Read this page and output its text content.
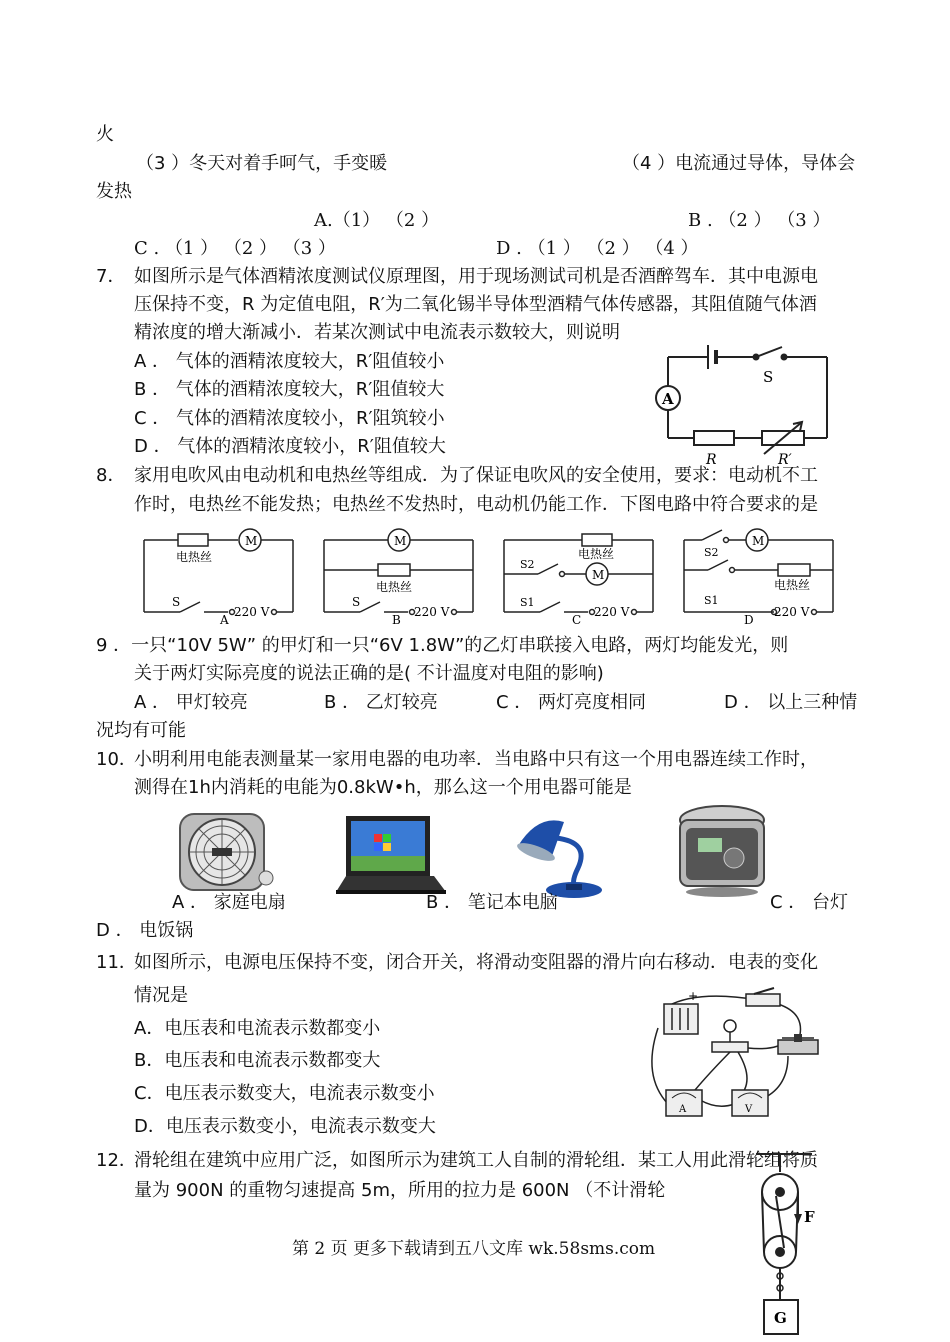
火
（3 ）冬天对着手呵气，手变暖	（4 ）电流通过导体，导体会
发热
A.（1） （2 ）	B . （2 ） （3 ）
C . （1 ） （2 ） （3 ）	D . （1 ） （2 ） （4 ）
7． 如图所示是气体酒精浓度测试仪原理图，用于现场测试司机是否酒醉驾车．其中电源电
压保持不变，R 为定值电阻，R′为二氧化锡半导体型酒精气体传感器，其阻值随气体酒
精浓度的增大渐减小．若某次测试中电流表示数较大，则说明
A ． 气体的酒精浓度较大，R′阻值较小
B ． 气体的酒精浓度较大，R′阻值较大
C ． 气体的酒精浓度较小，R′阻筑较小
D ． 气体的酒精浓度较小，R′阻值较大
A
S
R	R′
8． 家用电吹风由电动机和电热丝等组成．为了保证电吹风的安全使用，要求：电动机不工
作时，电热丝不能发热；电热丝不发热时，电动机仍能工作．下图电路中符合要求的是
电热丝
M
S
220 V
A
M
电热丝
S
220 V
B
电热丝
M
S2
S1
220 V
C
M
电热丝
S2
S1
220 V
D
9 ．一只“10V 5W” 的甲灯和一只“6V 1.8W”的乙灯串联接入电路，两灯均能发光，则
关于两灯实际亮度的说法正确的是( 不计温度对电阻的影响)
A ． 甲灯较亮	B ． 乙灯较亮	C ． 两灯亮度相同	D ． 以上三种情
况均有可能
10．
小明利用电能表测量某一家用电器的电功率．当电路中只有这一个用电器连续工作时，
测得在1h内消耗的电能为0.8kW•h，那么这一个用电器可能是
A ． 家庭电扇	B ． 笔记本电脑	C ． 台灯
D ． 电饭锅
11．
如图所示，电源电压保持不变，闭合开关，将滑动变阻器的滑片向右移动．电表的变化
情况是
A．电压表和电流表示数都变小
B．电压表和电流表示数都变大
C．电压表示数变大，电流表示数变小
D．电压表示数变小，电流表示数变大
+
A	V
12．
滑轮组在建筑中应用广泛，如图所示为建筑工人自制的滑轮组．某工人用此滑轮组将质
量为 900N 的重物匀速提高 5m，所用的拉力是 600N （不计滑轮
F
G
第 2 页 更多下载请到五八文库 wk.58sms.com
